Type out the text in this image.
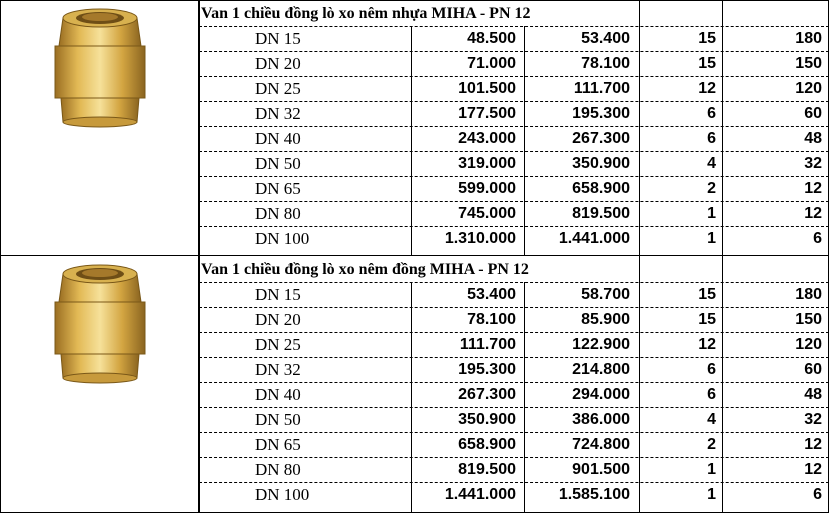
Van 1 chiều đồng lò xo nêm nhựa MIHA - PN 12
DN 15	48.500	53.400	15	180
DN 20	71.000	78.100	15	150
DN 25	101.500	111.700	12	120
DN 32	177.500	195.300	6	60
DN 40	243.000	267.300	6	48
DN 50	319.000	350.900	4	32
DN 65	599.000	658.900	2	12
DN 80	745.000	819.500	1	12
DN 100	1.310.000	1.441.000	1	6
Van 1 chiều đồng lò xo nêm đồng MIHA - PN 12
DN 15	53.400	58.700	15	180
DN 20	78.100	85.900	15	150
DN 25	111.700	122.900	12	120
DN 32	195.300	214.800	6	60
DN 40	267.300	294.000	6	48
DN 50	350.900	386.000	4	32
DN 65	658.900	724.800	2	12
DN 80	819.500	901.500	1	12
DN 100	1.441.000	1.585.100	1	6
